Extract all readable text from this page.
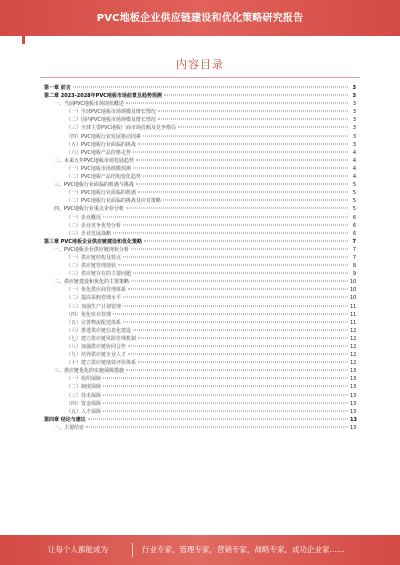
PVC地板企业供应链建设和优化策略研究报告
内容目录
第一章 前言	3
第二章 2023-2028年PVC地板市场前景及趋势预测	3
一、当前PVC地板市场现状概述	3
（一）全球PVC地板市场规模及增长情况	3
（二）国内PVC地板市场规模及增长情况	3
（三）全球主要PVC地板厂商市场份额及竞争格局	3
（四）PVC地板行业发展驱动因素	3
（五）PVC地板行业面临的挑战	3
（六）PVC地板产品价格走势	4
二、未来五年PVC地板市场发展趋势	4
（一）PVC地板市场规模预测	4
（二）PVC地板产品结构变化趋势	4
三、PVC地板行业面临的机遇与挑战	5
（一）PVC地板行业面临的机遇	5
（二）PVC地板行业面临的挑战及应对策略	5
四、PVC地板行业重点企业分析	5
（一）企业概况	6
（二）企业竞争优势分析	6
（三）企业发展战略	6
第三章 PVC地板企业供应链建设和优化策略	7
一、PVC地板企业供应链现状分析	7
（一）供应链结构及特点	7
（二）供应链管理现状	8
（三）供应链存在的主要问题	9
二、供应链建设和优化的主要策略	10
（一）优化供应商管理体系	10
（二）提高采购管理水平	10
（三）加强生产计划管理	11
（四）优化库存管理	11
（五）完善物流配送体系	11
（六）推进供应链信息化建设	12
（七）建立供应链风险管理机制	12
（八）加强供应链协同合作	12
（九）培养供应链专业人才	12
（十）建立供应链绩效评价体系	12
三、供应链优化的实施保障措施	13
（一）组织保障	13
（二）制度保障	13
（三）技术保障	13
（四）资金保障	13
（五）人才保障	13
第四章 结论与建议	13
一、主要结论	13
让每个人都能成为	行业专家，管理专家，营销专家，战略专家，成功企业家……
